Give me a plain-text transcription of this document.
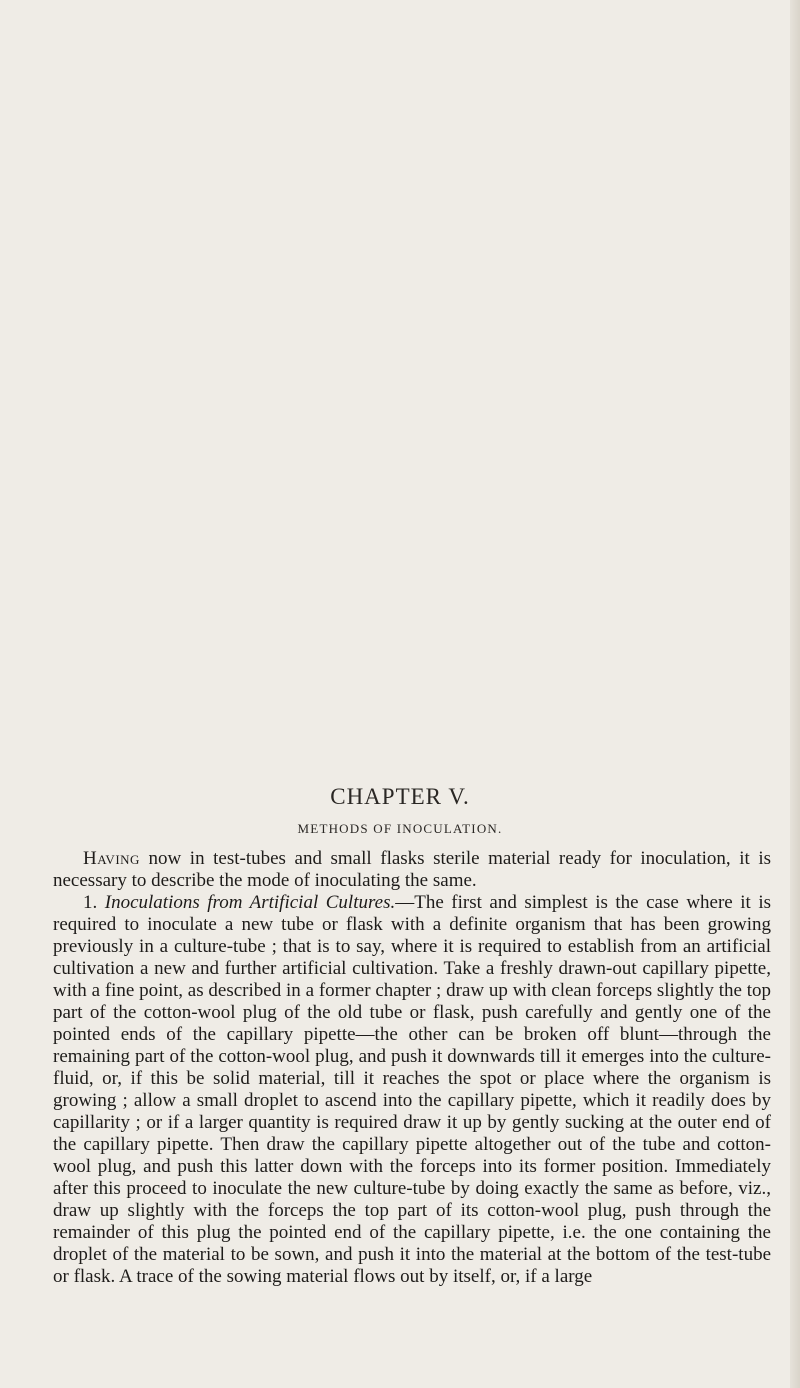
CHAPTER V.
METHODS OF INOCULATION.

Having now in test-tubes and small flasks sterile material ready for inoculation, it is necessary to describe the mode of inoculating the same.

1. Inoculations from Artificial Cultures.—The first and simplest is the case where it is required to inoculate a new tube or flask with a definite organism that has been growing previously in a culture-tube ; that is to say, where it is required to establish from an artificial cultivation a new and further artificial cultivation. Take a freshly drawn-out capillary pipette, with a fine point, as described in a former chapter ; draw up with clean forceps slightly the top part of the cotton-wool plug of the old tube or flask, push carefully and gently one of the pointed ends of the capillary pipette—the other can be broken off blunt—through the remaining part of the cotton-wool plug, and push it downwards till it emerges into the culture-fluid, or, if this be solid material, till it reaches the spot or place where the organism is growing ; allow a small droplet to ascend into the capillary pipette, which it readily does by capillarity ; or if a larger quantity is required draw it up by gently sucking at the outer end of the capillary pipette. Then draw the capillary pipette altogether out of the tube and cotton-wool plug, and push this latter down with the forceps into its former position. Immediately after this proceed to inoculate the new culture-tube by doing exactly the same as before, viz., draw up slightly with the forceps the top part of its cotton-wool plug, push through the remainder of this plug the pointed end of the capillary pipette, i.e. the one containing the droplet of the material to be sown, and push it into the material at the bottom of the test-tube or flask. A trace of the sowing material flows out by itself, or, if a large
